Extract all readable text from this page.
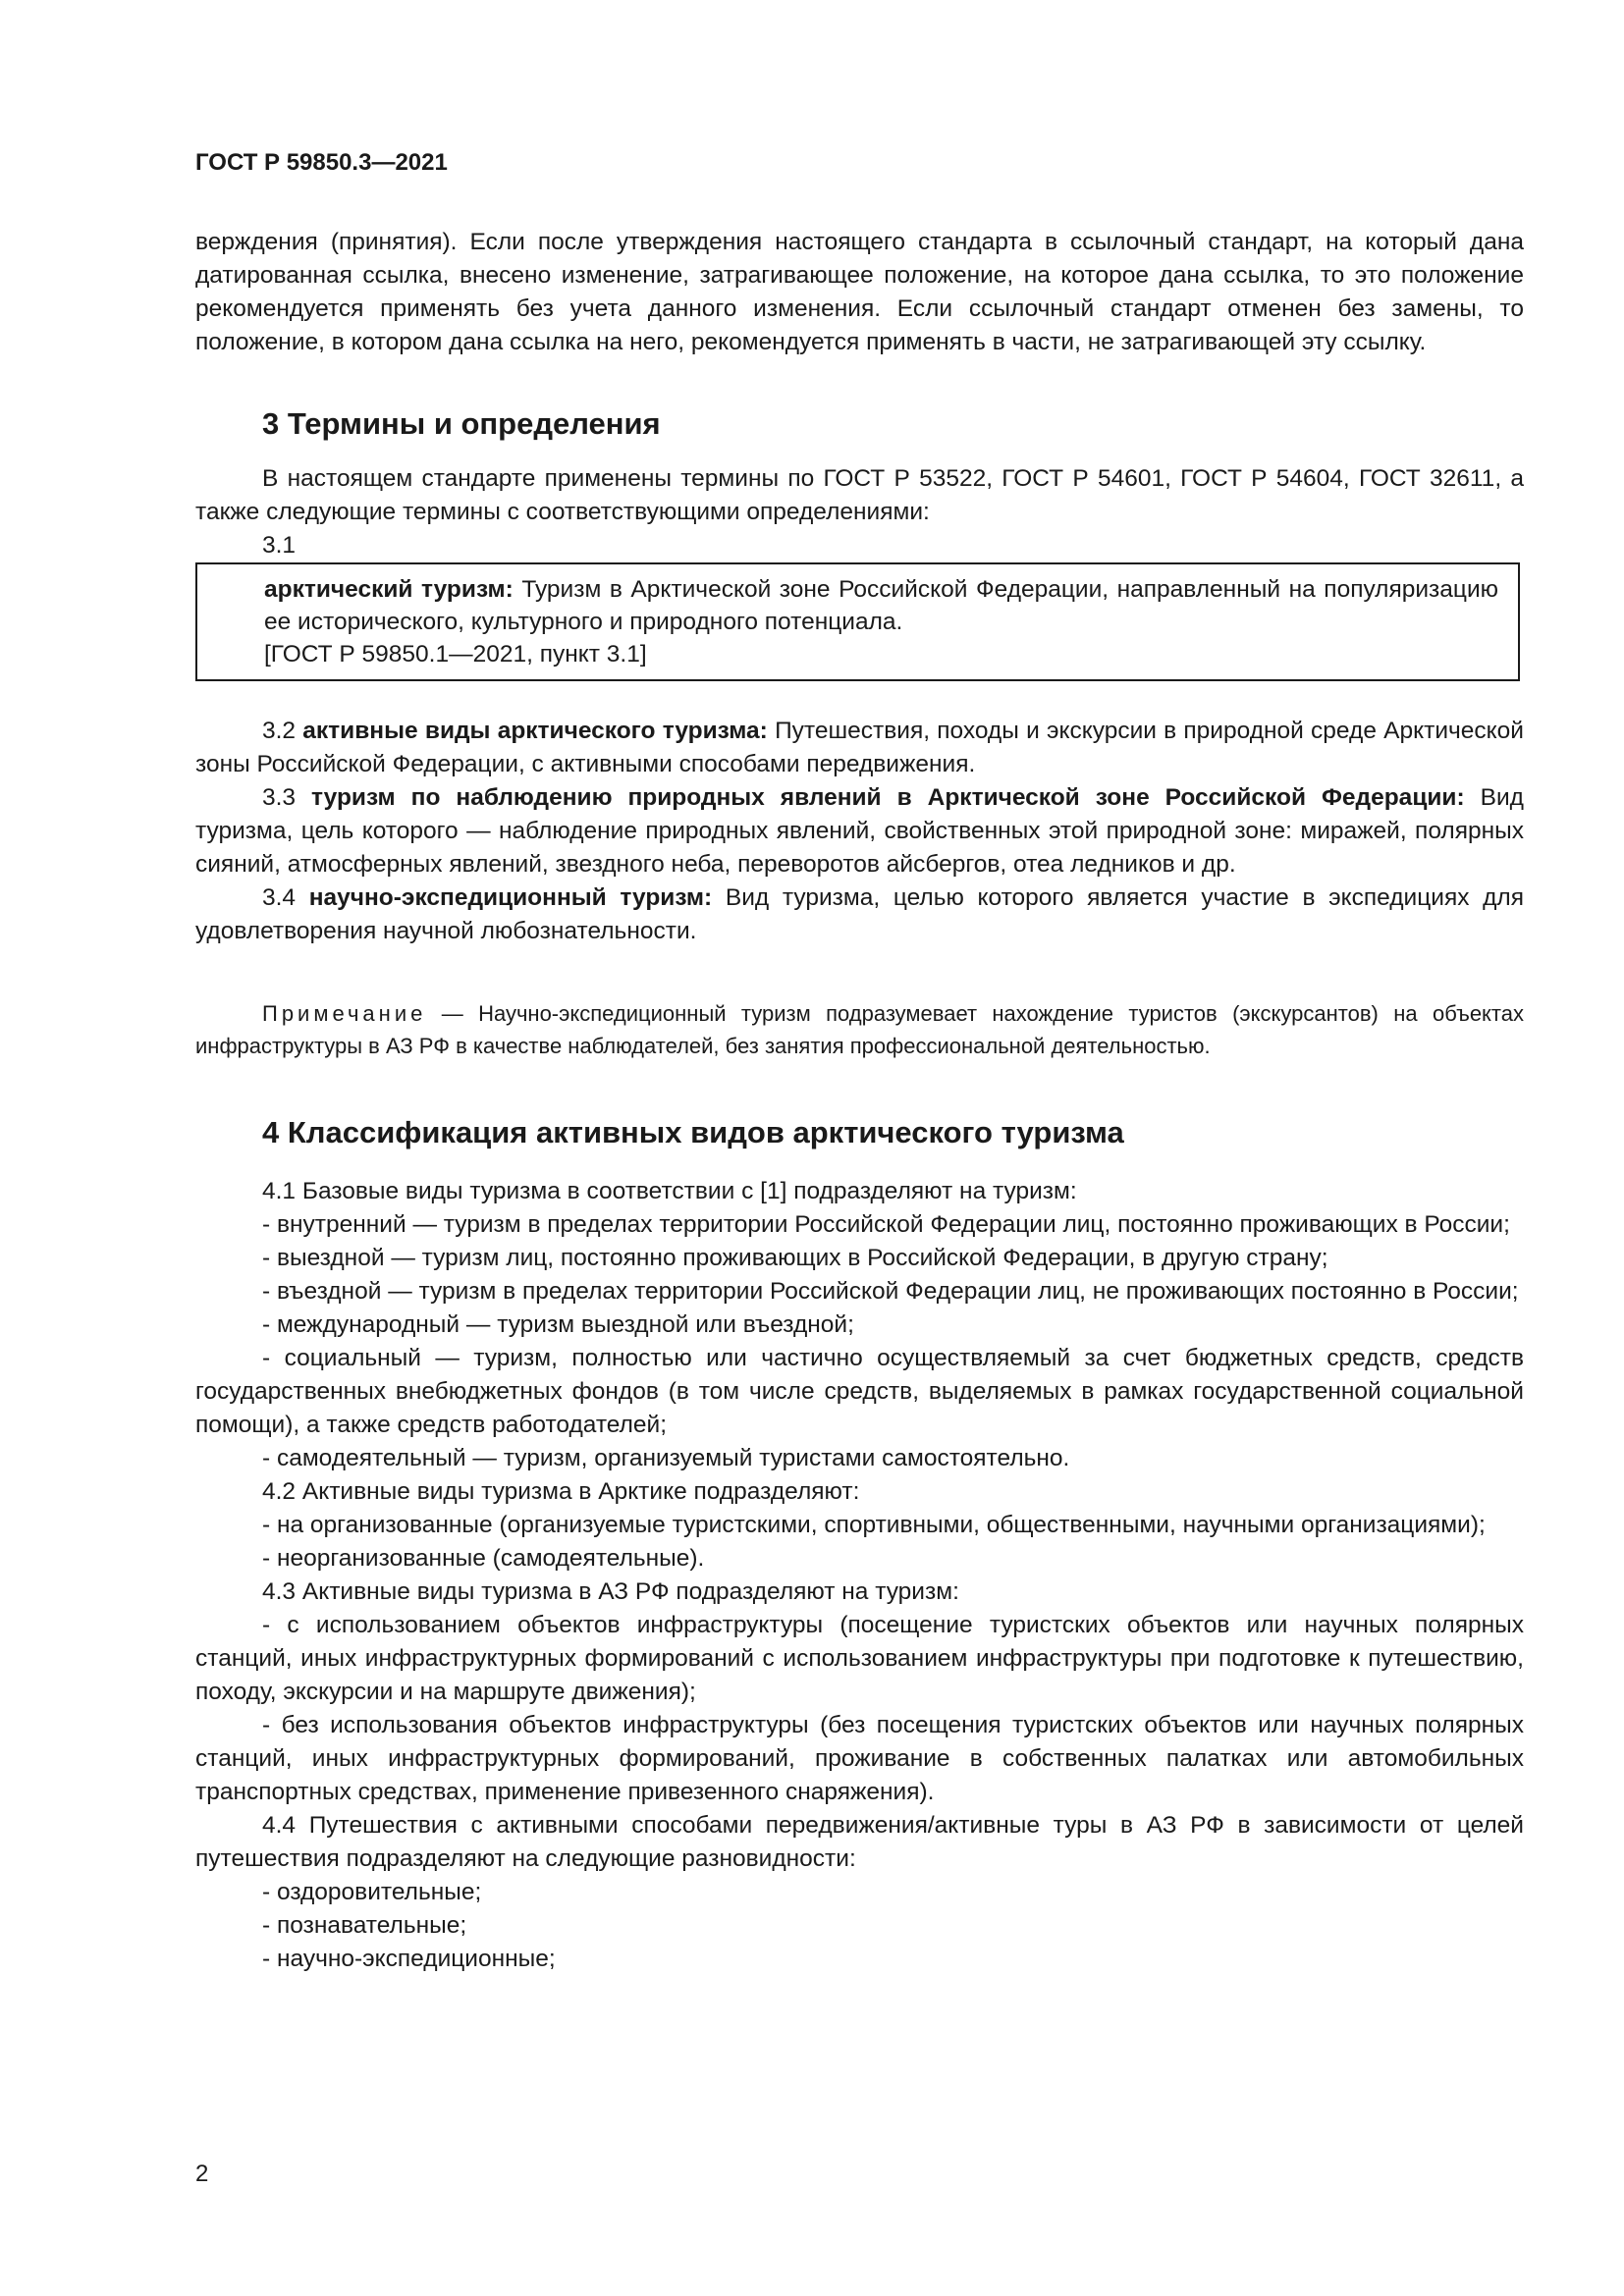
ГОСТ Р 59850.3—2021

верждения (принятия). Если после утверждения настоящего стандарта в ссылочный стандарт, на который дана датированная ссылка, внесено изменение, затрагивающее положение, на которое дана ссылка, то это положение рекомендуется применять без учета данного изменения. Если ссылочный стандарт отменен без замены, то положение, в котором дана ссылка на него, рекомендуется применять в части, не затрагивающей эту ссылку.

3 Термины и определения

В настоящем стандарте применены термины по ГОСТ Р 53522, ГОСТ Р 54601, ГОСТ Р 54604, ГОСТ 32611, а также следующие термины с соответствующими определениями:

3.1

арктический туризм: Туризм в Арктической зоне Российской Федерации, направленный на популяризацию ее исторического, культурного и природного потенциала.

[ГОСТ Р 59850.1—2021, пункт 3.1]

3.2 активные виды арктического туризма: Путешествия, походы и экскурсии в природной среде Арктической зоны Российской Федерации, с активными способами передвижения.

3.3 туризм по наблюдению природных явлений в Арктической зоне Российской Федерации: Вид туризма, цель которого — наблюдение природных явлений, свойственных этой природной зоне: миражей, полярных сияний, атмосферных явлений, звездного неба, переворотов айсбергов, отеа ледников и др.

3.4 научно-экспедиционный туризм: Вид туризма, целью которого является участие в экспедициях для удовлетворения научной любознательности.

Примечание — Научно-экспедиционный туризм подразумевает нахождение туристов (экскурсантов) на объектах инфраструктуры в АЗ РФ в качестве наблюдателей, без занятия профессиональной деятельностью.

4 Классификация активных видов арктического туризма

4.1 Базовые виды туризма в соответствии с [1] подразделяют на туризм:

- внутренний — туризм в пределах территории Российской Федерации лиц, постоянно проживающих в России;

- выездной — туризм лиц, постоянно проживающих в Российской Федерации, в другую страну;

- въездной — туризм в пределах территории Российской Федерации лиц, не проживающих постоянно в России;

- международный — туризм выездной или въездной;

- социальный — туризм, полностью или частично осуществляемый за счет бюджетных средств, средств государственных внебюджетных фондов (в том числе средств, выделяемых в рамках государственной социальной помощи), а также средств работодателей;

- самодеятельный — туризм, организуемый туристами самостоятельно.

4.2 Активные виды туризма в Арктике подразделяют:

- на организованные (организуемые туристскими, спортивными, общественными, научными организациями);

- неорганизованные (самодеятельные).

4.3 Активные виды туризма в АЗ РФ подразделяют на туризм:

- с использованием объектов инфраструктуры (посещение туристских объектов или научных полярных станций, иных инфраструктурных формирований с использованием инфраструктуры при подготовке к путешествию, походу, экскурсии и на маршруте движения);

- без использования объектов инфраструктуры (без посещения туристских объектов или научных полярных станций, иных инфраструктурных формирований, проживание в собственных палатках или автомобильных транспортных средствах, применение привезенного снаряжения).

4.4 Путешествия с активными способами передвижения/активные туры в АЗ РФ в зависимости от целей путешествия подразделяют на следующие разновидности:

- оздоровительные;

- познавательные;

- научно-экспедиционные;

2
